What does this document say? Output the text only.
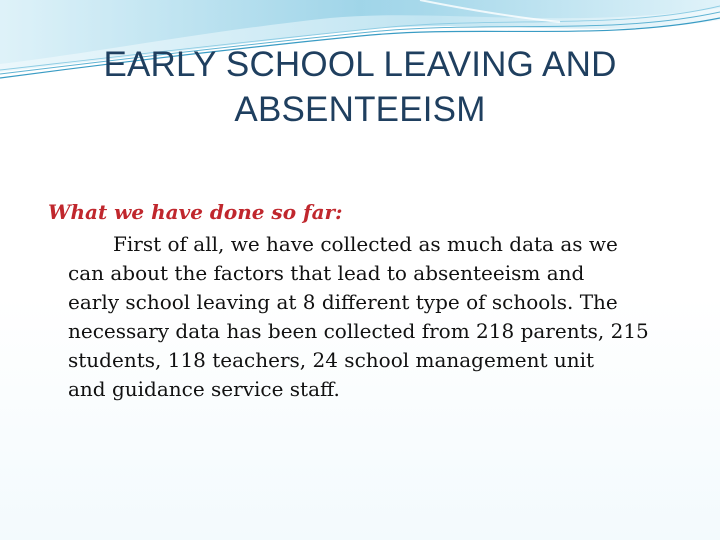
EARLY SCHOOL LEAVING AND
ABSENTEEISM
What we have done so far:
First of all, we have collected as much data as we
can about the factors that lead to absenteeism and
early school leaving at 8 different type of schools. The
necessary data has been collected from 218 parents, 215
students, 118 teachers, 24 school management unit
and guidance service staff.
